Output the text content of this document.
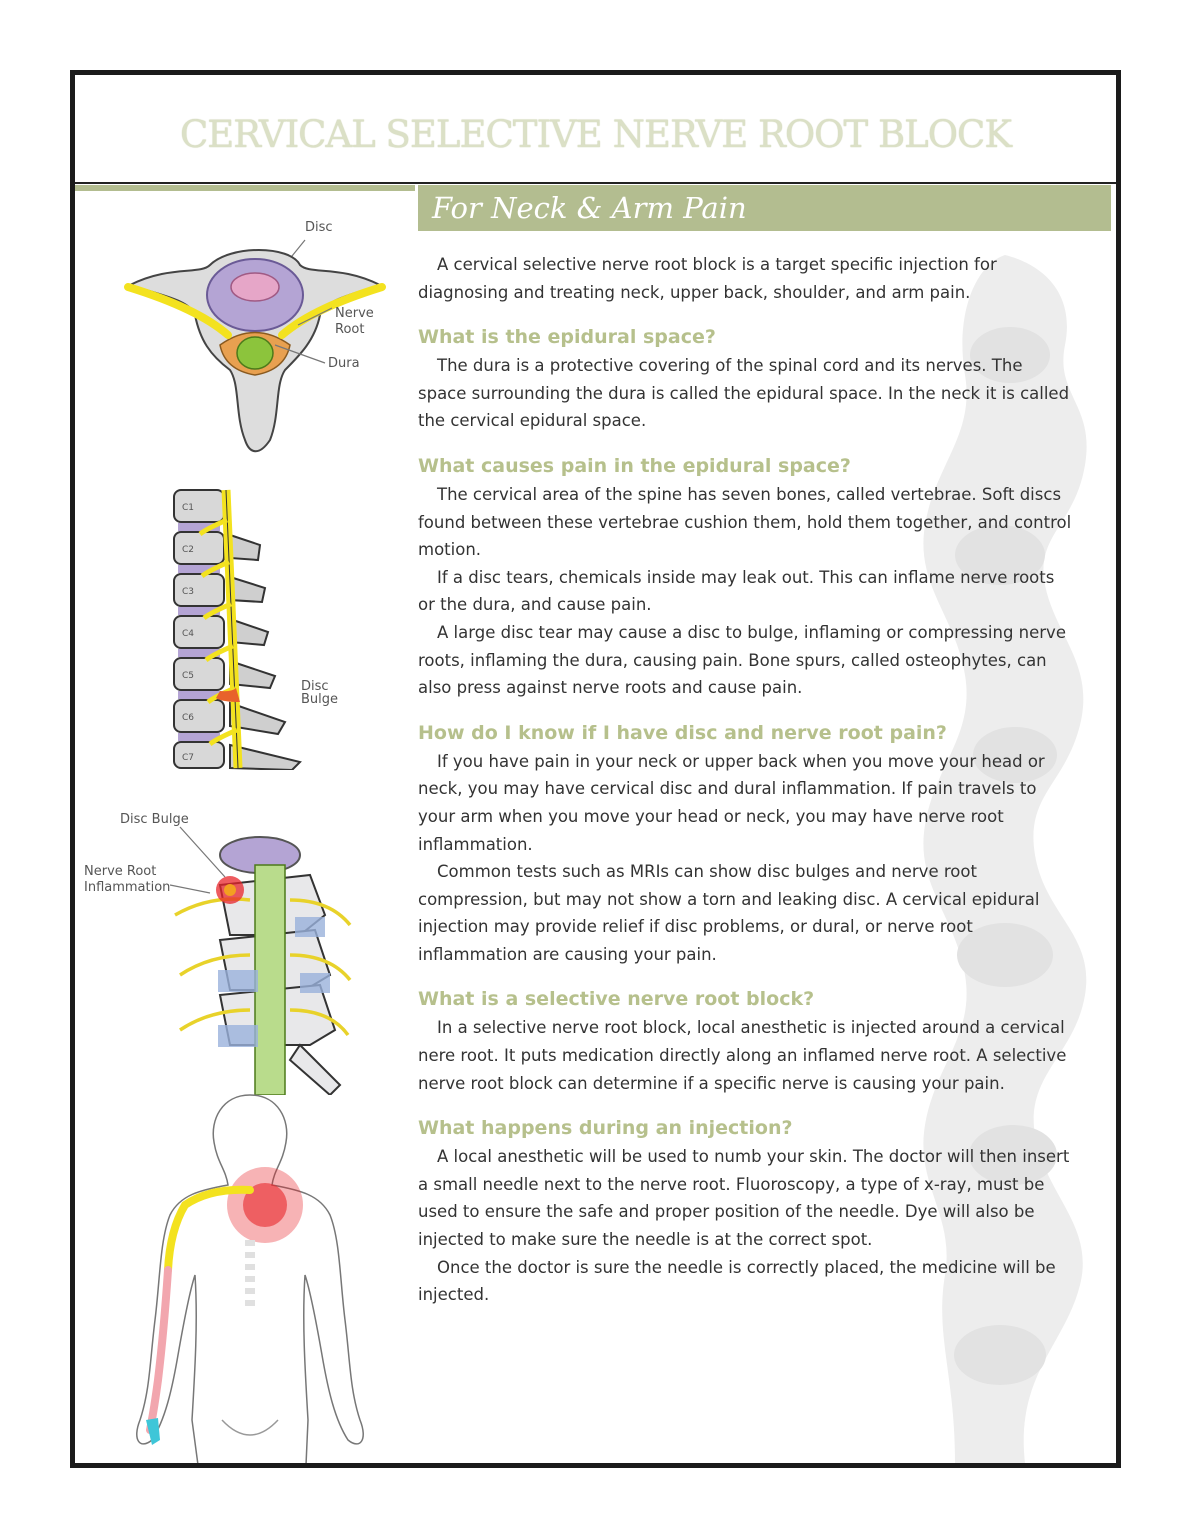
CERVICAL SELECTIVE NERVE ROOT BLOCK
For Neck & Arm Pain
Disc
Nerve
Root
Dura
C1
C2
C3
C4
C5
C6
C7
Disc
Bulge
Disc Bulge
Nerve Root
Inflammation

A cervical selective nerve root block is a target specific injection for diagnosing and treating neck, upper back, shoulder, and arm pain.

What is the epidural space?

The dura is a protective covering of the spinal cord and its nerves. The space surrounding the dura is called the epidural space. In the neck it is called the cervical epidural space.

What causes pain in the epidural space?

The cervical area of the spine has seven bones, called vertebrae. Soft discs found between these vertebrae cushion them, hold them together, and control motion.

If a disc tears, chemicals inside may leak out. This can inflame nerve roots or the dura, and cause pain.

A large disc tear may cause a disc to bulge, inflaming or compressing nerve roots, inflaming the dura, causing pain. Bone spurs, called osteophytes, can also press against nerve roots and cause pain.

How do I know if I have disc and nerve root pain?

If you have pain in your neck or upper back when you move your head or neck, you may have cervical disc and dural inflammation. If pain travels to your arm when you move your head or neck, you may have nerve root inflammation.

Common tests such as MRIs can show disc bulges and nerve root compression, but may not show a torn and leaking disc. A cervical epidural injection may provide relief if disc problems, or dural, or nerve root inflammation are causing your pain.

What is a selective nerve root block?

In a selective nerve root block, local anesthetic is injected around a cervical nere root. It puts medication directly along an inflamed nerve root. A selective nerve root block can determine if a specific nerve is causing your pain.

What happens during an injection?

A local anesthetic will be used to numb your skin. The doctor will then insert a small needle next to the nerve root. Fluoroscopy, a type of x-ray, must be used to ensure the safe and proper position of the needle. Dye will also be injected to make sure the needle is at the correct spot.

Once the doctor is sure the needle is correctly placed, the medicine will be injected.
